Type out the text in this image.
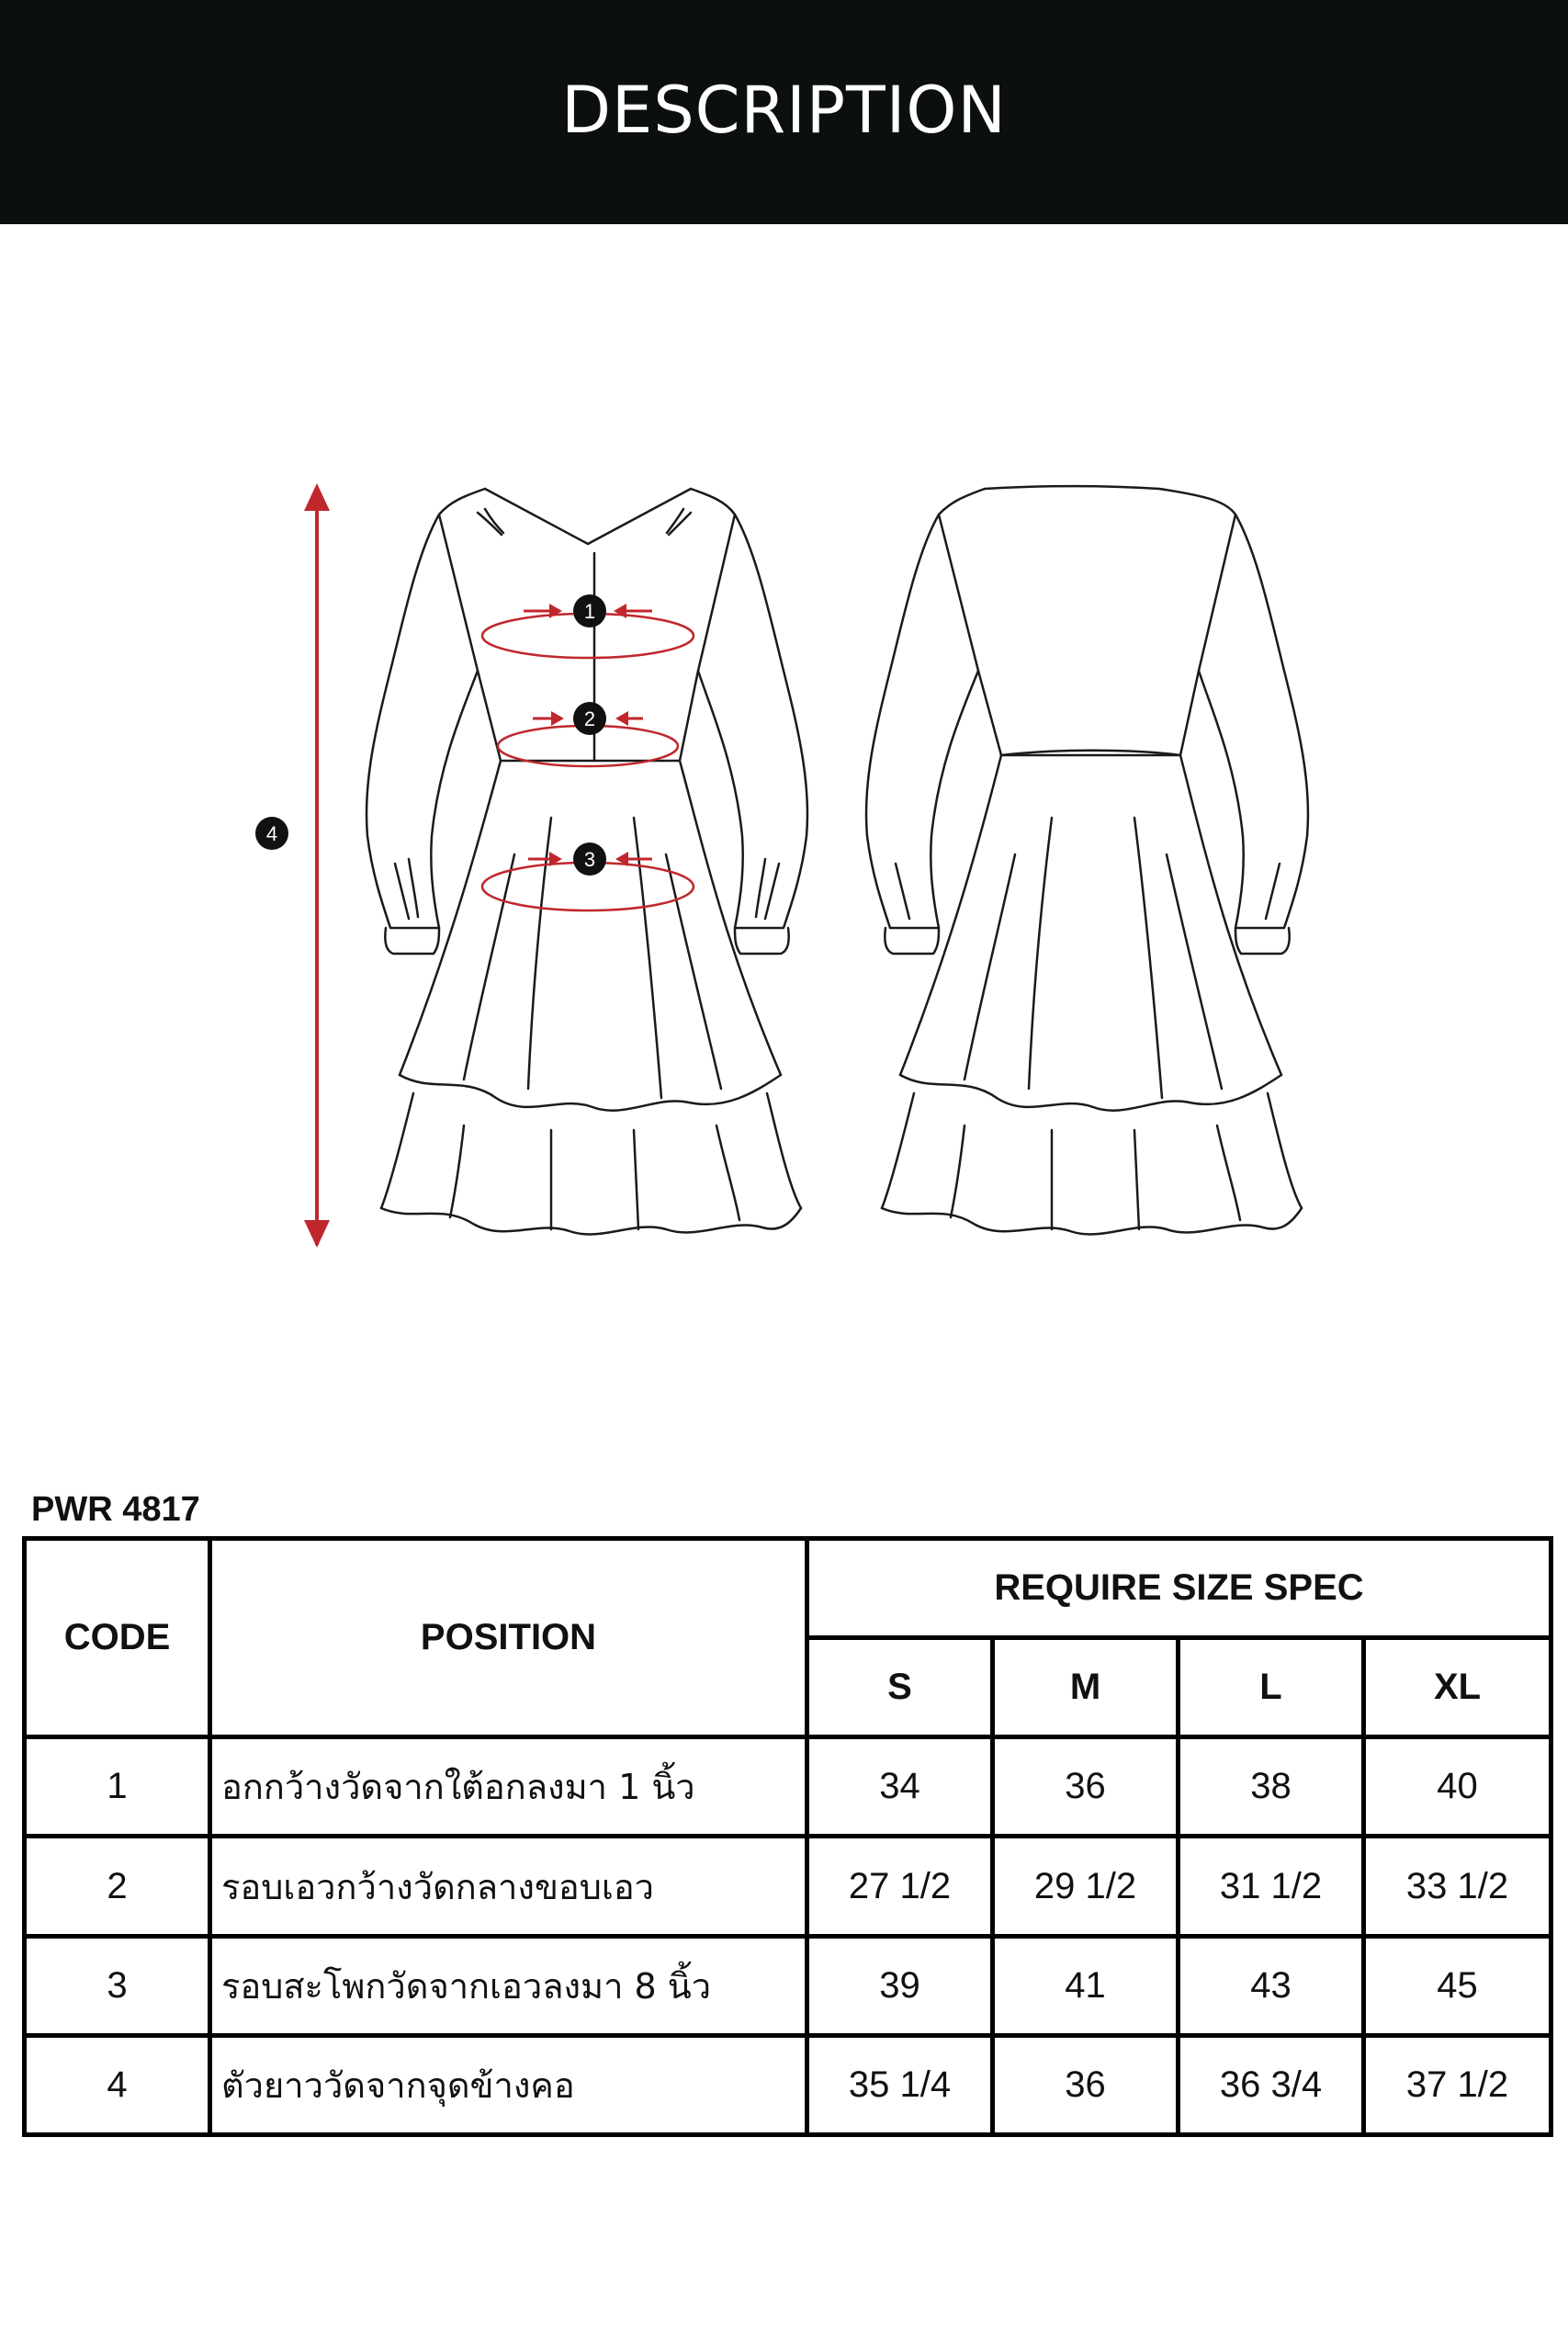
DESCRIPTION
4
1
2
3
PWR 4817
CODE	POSITION	REQUIRE SIZE SPEC			
		S	M	L	XL
1	อกกว้างวัดจากใต้อกลงมา 1 นิ้ว	34	36	38	40
2	รอบเอวกว้างวัดกลางขอบเอว	27 1/2	29 1/2	31 1/2	33 1/2
3	รอบสะโพกวัดจากเอวลงมา 8 นิ้ว	39	41	43	45
4	ตัวยาววัดจากจุดข้างคอ	35 1/4	36	36 3/4	37 1/2
